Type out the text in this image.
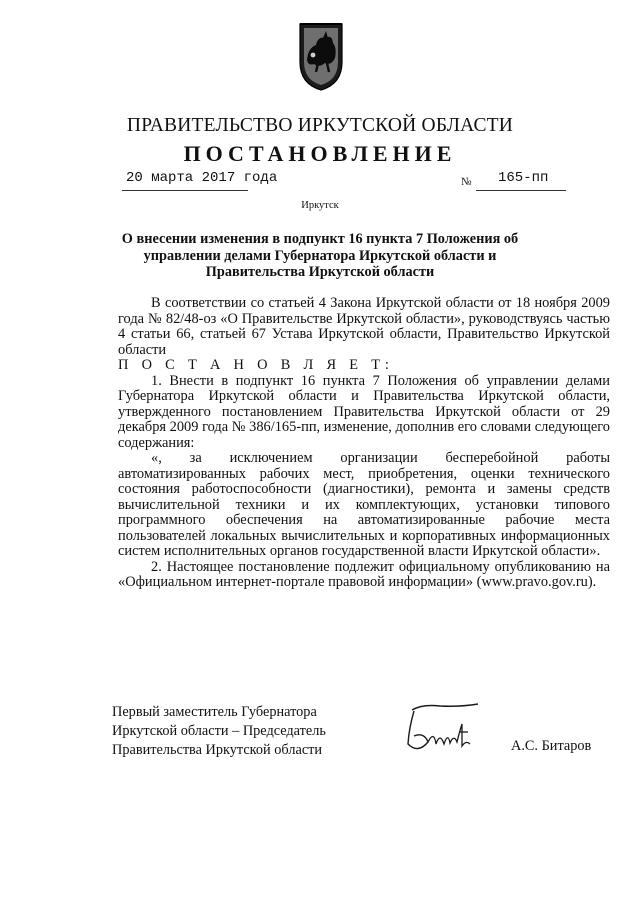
ПРАВИТЕЛЬСТВО ИРКУТСКОЙ ОБЛАСТИ
ПОСТАНОВЛЕНИЕ
20 марта 2017 года	№ 165-пп
Иркутск
О внесении изменения в подпункт 16 пункта 7 Положения об управлении делами Губернатора Иркутской области и Правительства Иркутской области

В соответствии со статьей 4 Закона Иркутской области от 18 ноября 2009 года № 82/48-оз «О Правительстве Иркутской области», руководствуясь частью 4 статьи 66, статьей 67 Устава Иркутской области, Правительство Иркутской области

П О С Т А Н О В Л Я Е Т:

1. Внести в подпункт 16 пункта 7 Положения об управлении делами Губернатора Иркутской области и Правительства Иркутской области, утвержденного постановлением Правительства Иркутской области от 29 декабря 2009 года № 386/165-пп, изменение, дополнив его словами следующего содержания:

«, за исключением организации бесперебойной работы автоматизированных рабочих мест, приобретения, оценки технического состояния работоспособности (диагностики), ремонта и замены средств вычислительной техники и их комплектующих, установки типового программного обеспечения на автоматизированные рабочие места пользователей локальных вычислительных и корпоративных информационных систем исполнительных органов государственной власти Иркутской области».

2. Настоящее постановление подлежит официальному опубликованию на «Официальном интернет-портале правовой информации» (www.pravo.gov.ru).

Первый заместитель Губернатора
Иркутской области – Председатель
Правительства Иркутской области	А.С. Битаров
